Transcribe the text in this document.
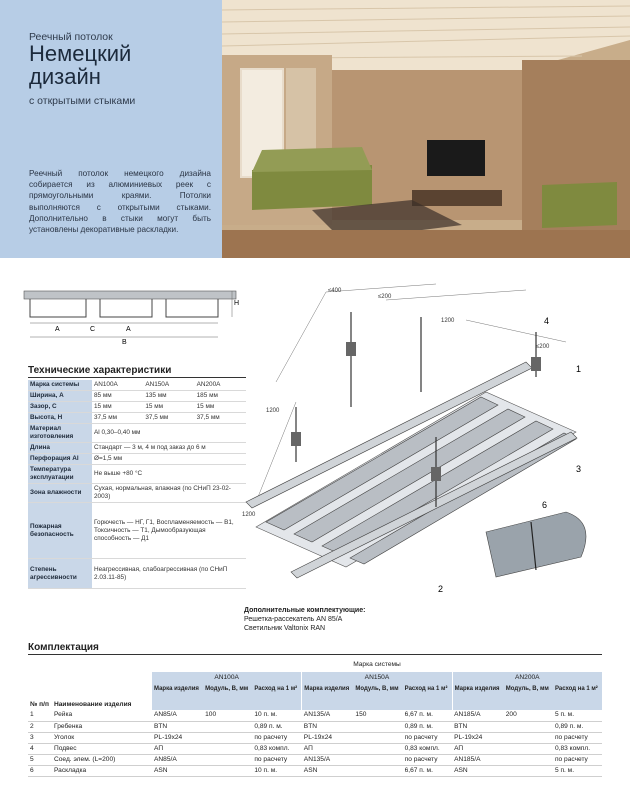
Реечный потолок
Немецкий
дизайн
с открытыми стыками
Реечный потолок немецкого дизайна собирается из алюминиевых реек с прямоугольными краями. Потолки выполняются с открытыми стыками. Дополнительно в стыки могут быть установлены декоративные раскладки.
A	C	A
B
H
Технические характеристики
Марка системы	AN100A	AN150A	AN200A
Ширина, A	85 мм	135 мм	185 мм
Зазор, C	15 мм	15 мм	15 мм
Высота, H	37,5 мм	37,5 мм	37,5 мм
Материал изготовления	Al 0,30–0,40 мм		
Длина	Стандарт — 3 м, 4 м под заказ до 6 м		
Перфорация Al	Ø=1,5 мм		
Температура эксплуатации	Не выше +80 °С		
Зона влажности	Сухая, нормальная, влажная (по СНиП 23-02-2003)		
Пожарная безопасность	Горючесть — НГ, Г1, Воспламеняемость — В1, Токсичность — Т1, Дымообразующая способность — Д1		
Степень агрессивности	Неагрессивная, слабоагрессивная (по СНиП 2.03.11-85)		
≤400
≤200
1200
1200
≤200
1200
1
2
3
4
6
Дополнительные комплектующие:
Решетка-рассекатель AN 85/A
Светильник Valtonix RAN
Комплектация
		Марка системы								
№ п/п	Наименование изделия	AN100A			AN150A			AN200A		
		Марка изделия	Модуль, B, мм	Расход на 1 м²	Марка изделия	Модуль, B, мм	Расход на 1 м²	Марка изделия	Модуль, B, мм	Расход на 1 м²
1	Рейка	AN85/A	100	10 п. м.	AN135/A	150	6,67 п. м.	AN185/A	200	5 п. м.
2	Гребенка	BTN		0,89 п. м.	BTN		0,89 п. м.	BTN		0,89 п. м.
3	Уголок	PL-19x24		по расчету	PL-19x24		по расчету	PL-19x24		по расчету
4	Подвес	АП		0,83 компл.	АП		0,83 компл.	АП		0,83 компл.
5	Соед. элем. (L=200)	AN85/A		по расчету	AN135/A		по расчету	AN185/A		по расчету
6	Раскладка	ASN		10 п. м.	ASN		6,67 п. м.	ASN		5 п. м.
